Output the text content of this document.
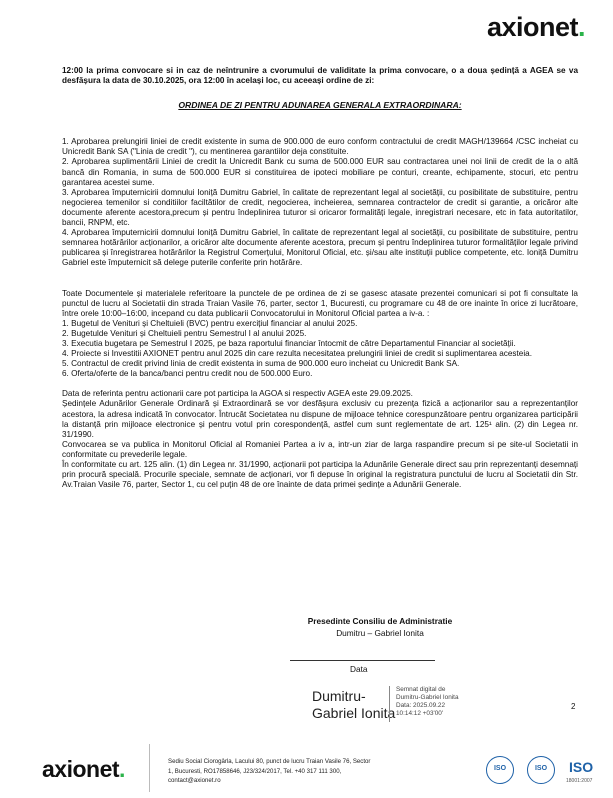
axionet.

12:00 la prima convocare si in caz de neîntrunire a cvorumului de validitate la prima convocare, o a doua ședință a AGEA se va desfășura la data de 30.10.2025, ora 12:00 în același loc, cu aceeași ordine de zi:

ORDINEA DE ZI PENTRU ADUNAREA GENERALA EXTRAORDINARA:

1. Aprobarea prelungirii liniei de credit existente in suma de 900.000 de euro conform contractului de credit MAGH/139664 /CSC incheiat cu Unicredit Bank SA ("Linia de credit "), cu mentinerea garantiilor deja constituite.

2. Aprobarea suplimentării Liniei de credit la Unicredit Bank cu suma de 500.000 EUR sau contractarea unei noi linii de credit de la o altă bancă din Romania, in suma de 500.000 EUR si constituirea de ipoteci mobiliare pe conturi, creante, echipamente, stocuri, etc pentru garantarea acestei sume.

3. Aprobarea împuternicirii domnului Ioniță Dumitru Gabriel, în calitate de reprezentant legal al societății, cu posibilitate de substituire, pentru negocierea temenilor si conditiilor faciltătilor de credit, negocierea, incheierea, semnarea contractelor de credit si garantie, a oricăror alte documente aferente acestora,precum și pentru îndeplinirea tuturor si oricaror formalități legale, inregistrari necesare, etc in fata autoritatilor, bancii, RNPM, etc.

4. Aprobarea împuternicirii domnului Ioniță Dumitru Gabriel, în calitate de reprezentant legal al societății, cu posibilitate de substituire, pentru semnarea hotărârilor acționarilor, a oricăror alte documente aferente acestora, precum și pentru îndeplinirea tuturor formalităților legale privind publicarea și înregistrarea hotărârilor la Registrul Comerțului, Monitorul Oficial, etc. și/sau alte instituții publice competente, etc. Ioniță Dumitru Gabriel este împuternicit să delege puterile conferite prin hotărâre.

Toate Documentele și materialele referitoare la punctele de pe ordinea de zi se gasesc atasate prezentei comunicari si pot fi consultate la punctul de lucru al Societatii din strada Traian Vasile 76, parter, sector 1, Bucuresti, cu programare cu 48 de ore inainte în orice zi lucrătoare, între orele 10:00–16:00, incepand cu data publicarii Convocatorului in Monitorul Oficial partea a iv-a. :

1. Bugetul de Venituri și Cheltuieli (BVC) pentru exercițiul financiar al anului 2025.

2. Bugetulde Venituri și Cheltuieli pentru Semestrul I al anului 2025.

3. Executia bugetara pe Semestrul I 2025, pe baza raportului financiar întocmit de către Departamentul Financiar al societății.

4. Proiecte si Investitii AXIONET pentru anul 2025 din care rezulta necesitatea prelungirii liniei de credit si suplimentarea acesteia.

5. Contractul de credit privind linia de credit existenta in suma de 900.000 euro incheiat cu Unicredit Bank SA.

6. Oferta/oferte de la banca/banci pentru credit nou de 500.000 Euro.

Data de referinta pentru actionarii care pot participa la AGOA si respectiv AGEA este 29.09.2025.

Ședințele Adunărilor Generale Ordinară și Extraordinară se vor desfășura exclusiv cu prezența fizică a acționarilor sau a reprezentanților acestora, la adresa indicată în convocator. Întrucât Societatea nu dispune de mijloace tehnice corespunzătoare pentru organizarea participării la distanță prin mijloace electronice și pentru votul prin corespondență, astfel cum sunt reglementate de art. 125¹ alin. (2) din Legea nr. 31/1990.

Convocarea se va publica in Monitorul Oficial al Romaniei Partea a iv a, intr-un ziar de larga raspandire precum si pe site-ul Societatii in conformitate cu prevederile legale.

În conformitate cu art. 125 alin. (1) din Legea nr. 31/1990, acționarii pot participa la Adunările Generale direct sau prin reprezentanți desemnați prin procură specială. Procurile speciale, semnate de acționari, vor fi depuse în original la registratura punctului de lucru al Societatii din Str. Av.Traian Vasile 76, parter, Sector 1, cu cel puțin 48 de ore înainte de data primei ședințe a Adunării Generale.

Presedinte Consiliu de Administratie
Dumitru – Gabriel Ionita
Data
Dumitru-
Gabriel Ionita
Semnat digital de
Dumitru-Gabriel Ionita
Data: 2025.09.22
10:14:12 +03'00'
2
axionet.	Sediu Social Ciorogârla, Lacului 80, punct de lucru Traian Vasile 76, Sector
1, Bucuresti, RO17858646, J23/324/2017, Tel. +40 317 111 300,
contact@axionet.ro
ISO	ISO	ISO
18001:2007
